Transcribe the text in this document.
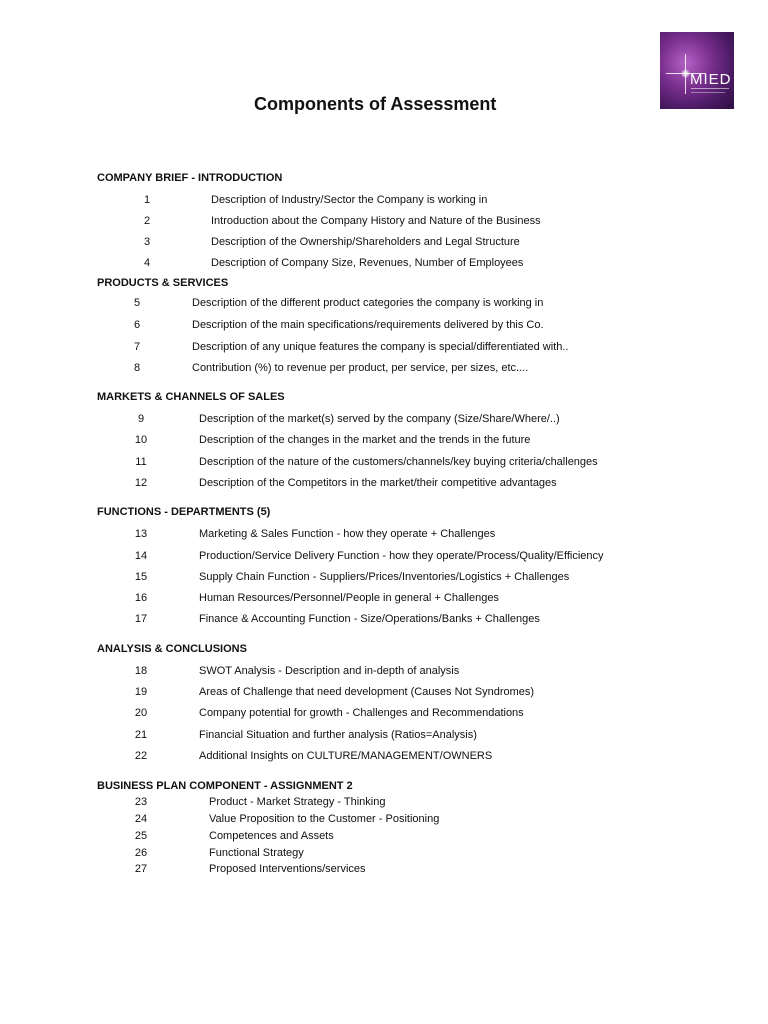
MIED
Components of Assessment
COMPANY BRIEF - INTRODUCTION
1	Description of Industry/Sector the Company is working in
2	Introduction about the Company History and Nature of the Business
3	Description of the Ownership/Shareholders and Legal Structure
4	Description of Company Size, Revenues, Number of Employees
PRODUCTS & SERVICES
5	Description of the different product categories the company is working in
6	Description of the main specifications/requirements delivered by this Co.
7	Description of any unique features the company is special/differentiated with..
8	Contribution (%) to revenue per product, per service, per sizes, etc....
MARKETS & CHANNELS OF SALES
9	Description of the market(s) served by the company (Size/Share/Where/..)
10	Description of the changes in the market and the trends in the future
11	Description of the nature of the customers/channels/key buying criteria/challenges
12	Description of the Competitors in the market/their competitive advantages
FUNCTIONS - DEPARTMENTS (5)
13	Marketing & Sales Function - how they operate + Challenges
14	Production/Service Delivery Function - how they operate/Process/Quality/Efficiency
15	Supply Chain Function - Suppliers/Prices/Inventories/Logistics + Challenges
16	Human Resources/Personnel/People in general + Challenges
17	Finance & Accounting Function - Size/Operations/Banks + Challenges
ANALYSIS & CONCLUSIONS
18	SWOT Analysis - Description and in-depth of analysis
19	Areas of Challenge that need development (Causes Not Syndromes)
20	Company potential for growth - Challenges and Recommendations
21	Financial Situation and further analysis (Ratios=Analysis)
22	Additional Insights on CULTURE/MANAGEMENT/OWNERS
BUSINESS PLAN COMPONENT - ASSIGNMENT 2
23	Product - Market Strategy - Thinking
24	Value Proposition to the Customer - Positioning
25	Competences and Assets
26	Functional Strategy
27	Proposed Interventions/services
